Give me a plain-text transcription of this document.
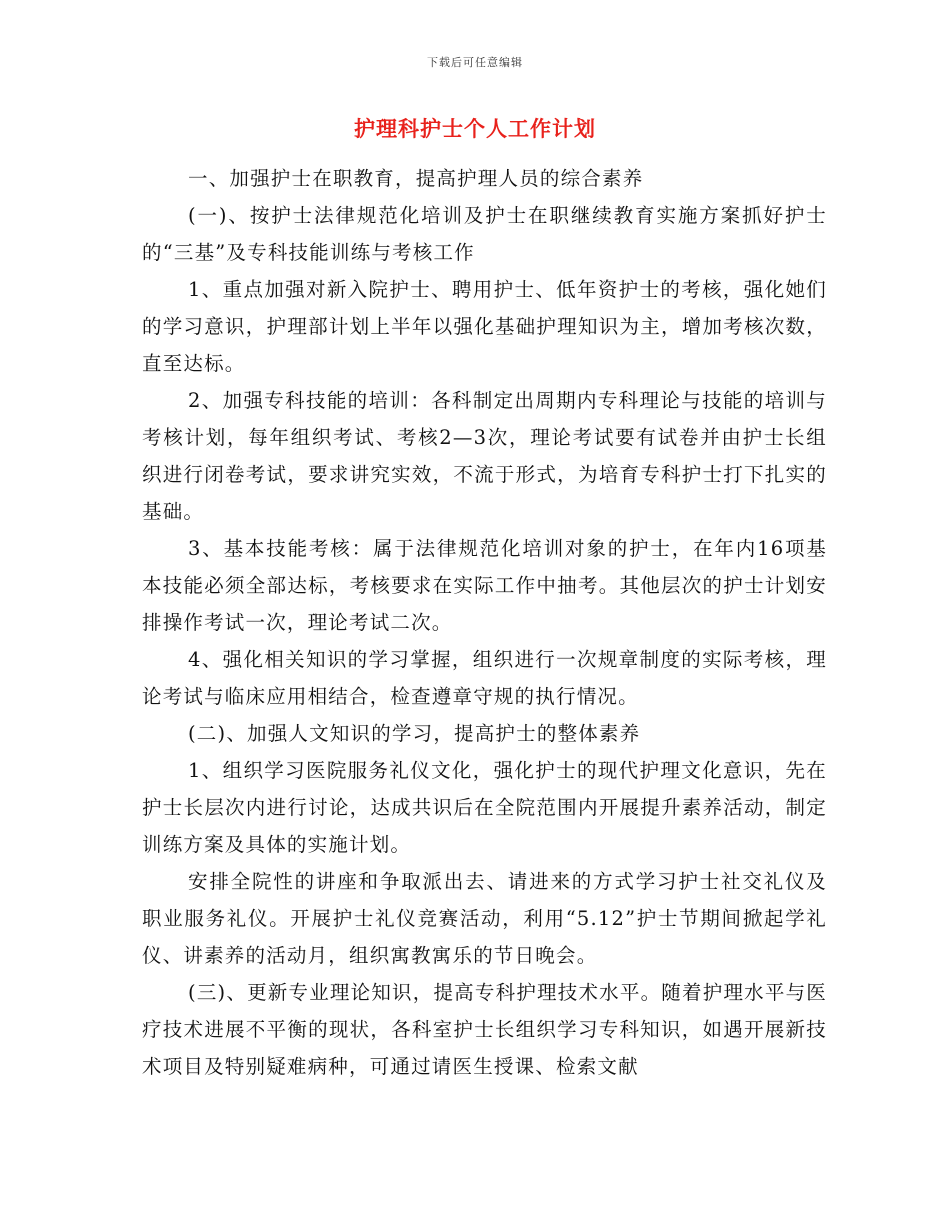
下载后可任意编辑
护理科护士个人工作计划

一、加强护士在职教育，提高护理人员的综合素养

(一)、按护士法律规范化培训及护士在职继续教育实施方案抓好护士的“三基”及专科技能训练与考核工作

1、重点加强对新入院护士、聘用护士、低年资护士的考核，强化她们的学习意识，护理部计划上半年以强化基础护理知识为主，增加考核次数，直至达标。

2、加强专科技能的培训：各科制定出周期内专科理论与技能的培训与考核计划，每年组织考试、考核2—3次，理论考试要有试卷并由护士长组织进行闭卷考试，要求讲究实效，不流于形式，为培育专科护士打下扎实的基础。

3、基本技能考核：属于法律规范化培训对象的护士，在年内16项基本技能必须全部达标，考核要求在实际工作中抽考。其他层次的护士计划安排操作考试一次，理论考试二次。

4、强化相关知识的学习掌握，组织进行一次规章制度的实际考核，理论考试与临床应用相结合，检查遵章守规的执行情况。

(二)、加强人文知识的学习，提高护士的整体素养

1、组织学习医院服务礼仪文化，强化护士的现代护理文化意识，先在护士长层次内进行讨论，达成共识后在全院范围内开展提升素养活动，制定训练方案及具体的实施计划。

安排全院性的讲座和争取派出去、请进来的方式学习护士社交礼仪及职业服务礼仪。开展护士礼仪竞赛活动，利用“5.12”护士节期间掀起学礼仪、讲素养的活动月，组织寓教寓乐的节日晚会。

(三)、更新专业理论知识，提高专科护理技术水平。随着护理水平与医疗技术进展不平衡的现状，各科室护士长组织学习专科知识，如遇开展新技术项目及特别疑难病种，可通过请医生授课、检索文献
